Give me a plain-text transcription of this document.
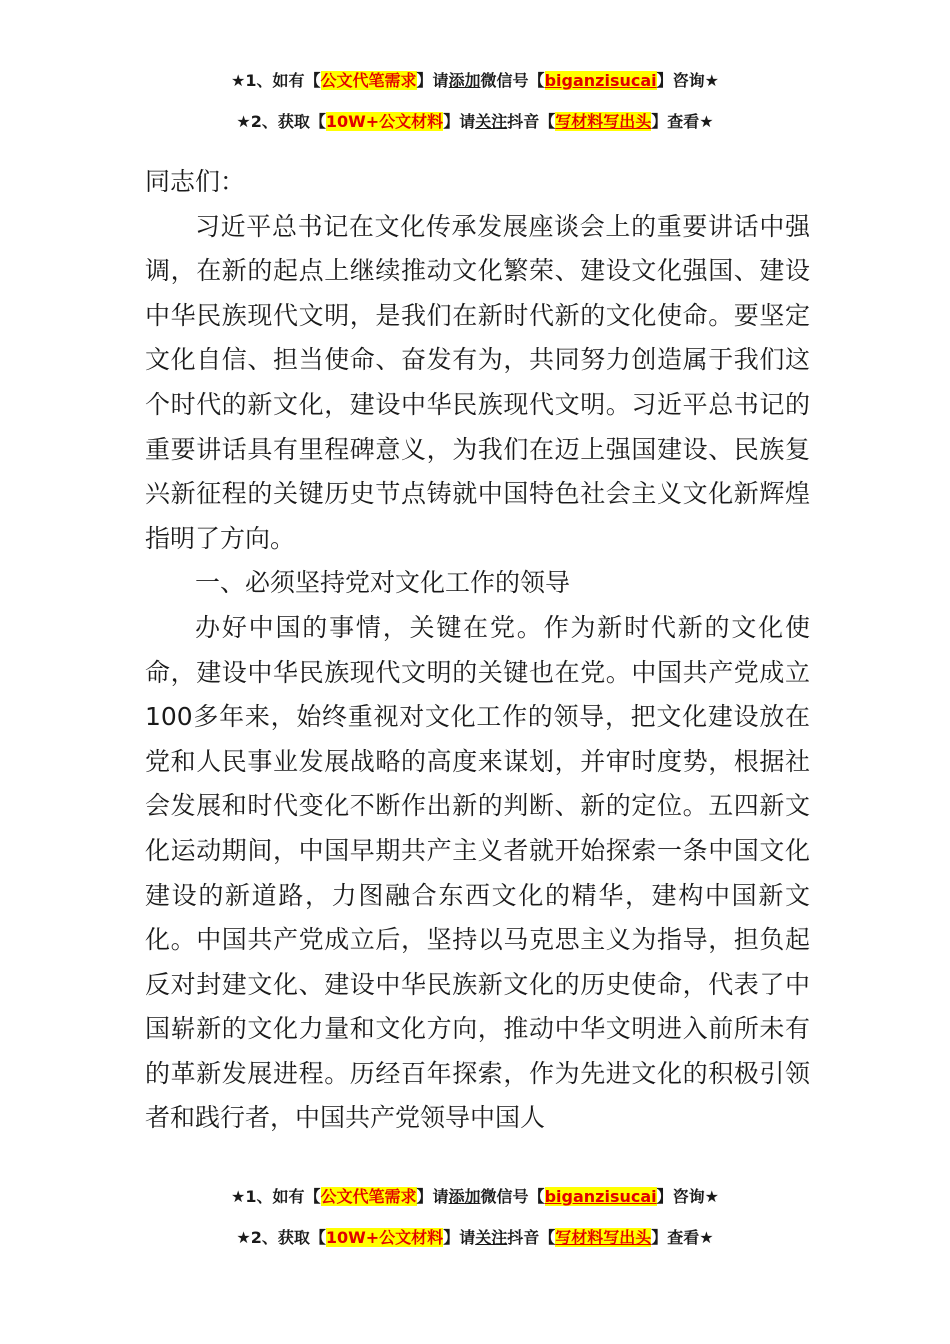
★1、如有【公文代笔需求】请添加微信号【biganzisucai】咨询★
★2、获取【10W+公文材料】请关注抖音【写材料写出头】查看★

同志们：

习近平总书记在文化传承发展座谈会上的重要讲话中强调，在新的起点上继续推动文化繁荣、建设文化强国、建设中华民族现代文明，是我们在新时代新的文化使命。要坚定文化自信、担当使命、奋发有为，共同努力创造属于我们这个时代的新文化，建设中华民族现代文明。习近平总书记的重要讲话具有里程碑意义，为我们在迈上强国建设、民族复兴新征程的关键历史节点铸就中国特色社会主义文化新辉煌指明了方向。

一、必须坚持党对文化工作的领导

办好中国的事情，关键在党。作为新时代新的文化使命，建设中华民族现代文明的关键也在党。中国共产党成立100多年来，始终重视对文化工作的领导，把文化建设放在党和人民事业发展战略的高度来谋划，并审时度势，根据社会发展和时代变化不断作出新的判断、新的定位。五四新文化运动期间，中国早期共产主义者就开始探索一条中国文化建设的新道路，力图融合东西文化的精华，建构中国新文化。中国共产党成立后，坚持以马克思主义为指导，担负起反对封建文化、建设中华民族新文化的历史使命，代表了中国崭新的文化力量和文化方向，推动中华文明进入前所未有的革新发展进程。历经百年探索，作为先进文化的积极引领者和践行者，中国共产党领导中国人

★1、如有【公文代笔需求】请添加微信号【biganzisucai】咨询★
★2、获取【10W+公文材料】请关注抖音【写材料写出头】查看★
